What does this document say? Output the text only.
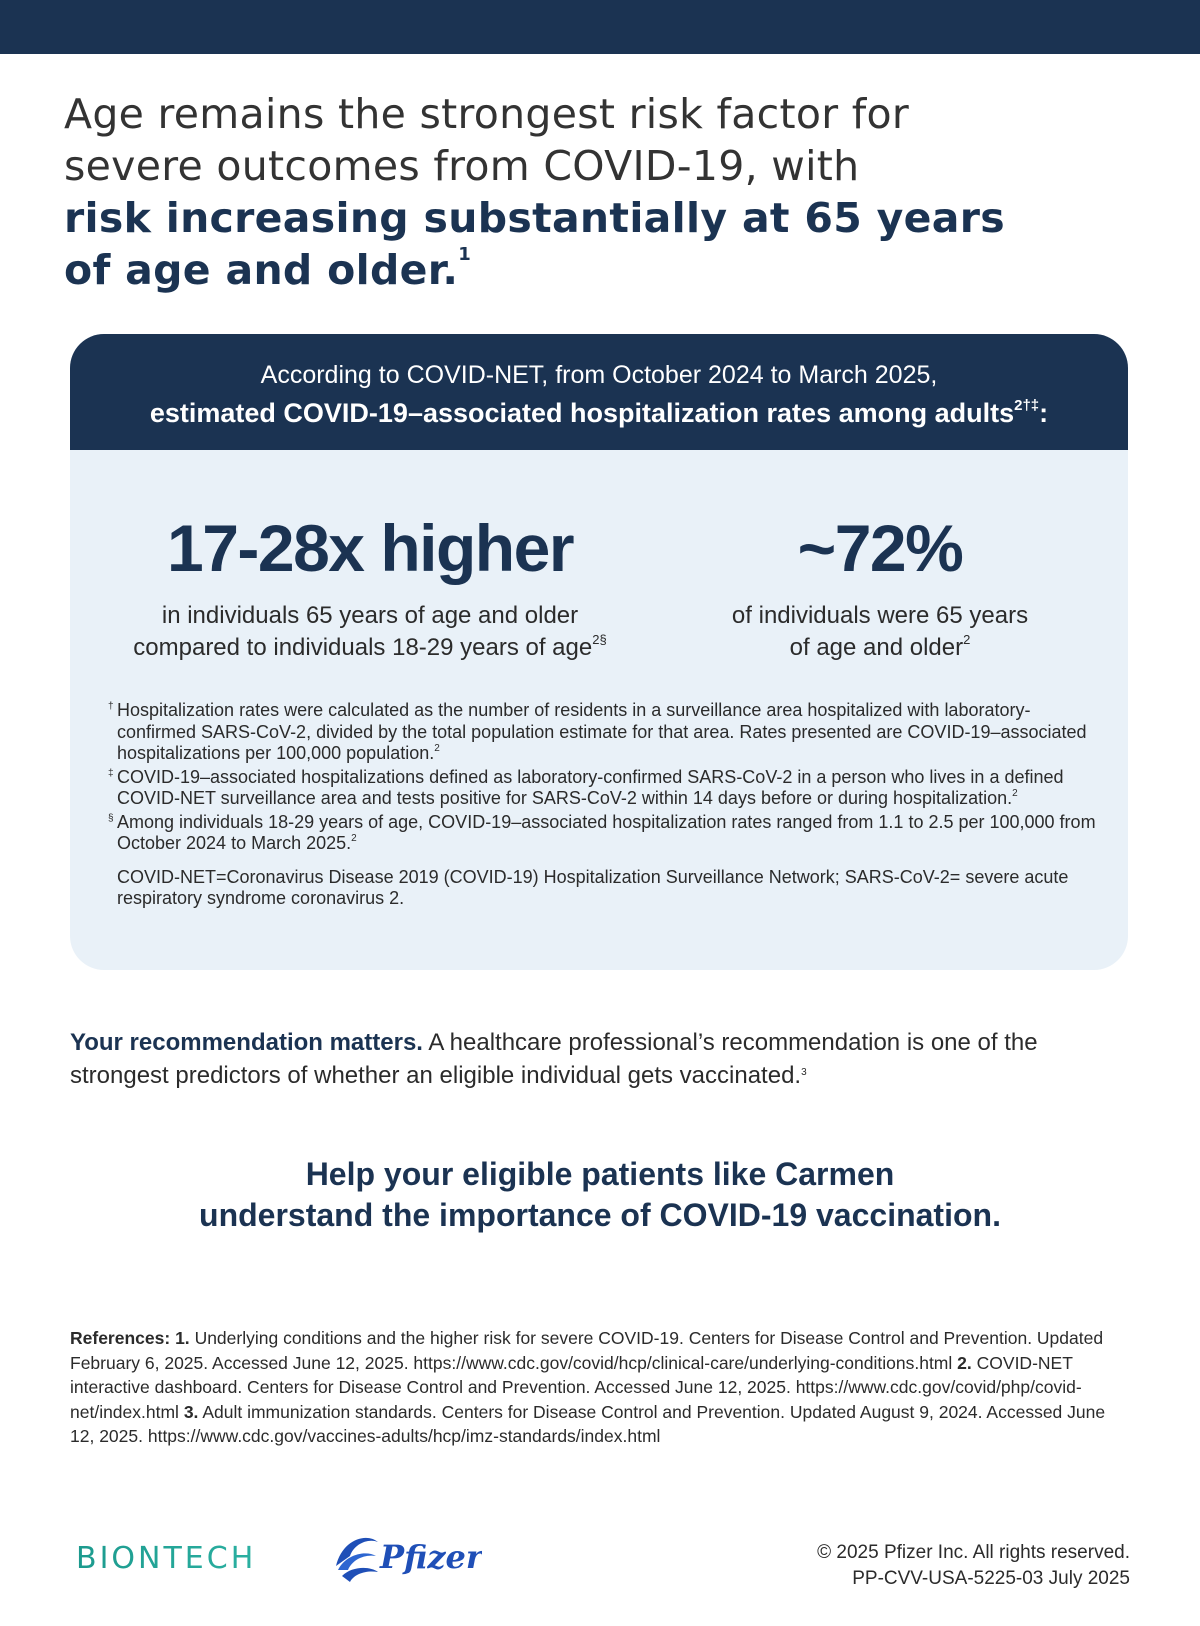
Age remains the strongest risk factor for
severe outcomes from COVID-19, with
risk increasing substantially at 65 years
of age and older.$^1$
According to COVID-NET, from October 2024 to March 2025,
estimated COVID-19–associated hospitalization rates among adults$^{2\dagger\ddagger}$:
17-28x higher
in individuals 65 years of age and older
compared to individuals 18-29 years of age$^{2\S}$
~72%
of individuals were 65 years
of age and older$^2$
† Hospitalization rates were calculated as the number of residents in a surveillance area hospitalized with laboratory-confirmed SARS-CoV-2, divided by the total population estimate for that area. Rates presented are COVID-19–associated hospitalizations per 100,000 population.$^2$
‡ COVID-19–associated hospitalizations defined as laboratory-confirmed SARS-CoV-2 in a person who lives in a defined COVID-NET surveillance area and tests positive for SARS-CoV-2 within 14 days before or during hospitalization.$^2$
§ Among individuals 18-29 years of age, COVID-19–associated hospitalization rates ranged from 1.1 to 2.5 per 100,000 from October 2024 to March 2025.$^2$
COVID-NET=Coronavirus Disease 2019 (COVID-19) Hospitalization Surveillance Network; SARS-CoV-2= severe acute respiratory syndrome coronavirus 2.

Your recommendation matters. A healthcare professional’s recommendation is one of the strongest predictors of whether an eligible individual gets vaccinated.$^3$

Help your eligible patients like Carmen
understand the importance of COVID-19 vaccination.
References: 1. Underlying conditions and the higher risk for severe COVID-19. Centers for Disease Control and Prevention. Updated February 6, 2025. Accessed June 12, 2025. https://www.cdc.gov/covid/hcp/clinical-care/underlying-conditions.html 2. COVID-NET interactive dashboard. Centers for Disease Control and Prevention. Accessed June 12, 2025. https://www.cdc.gov/covid/php/covid-net/index.html 3. Adult immunization standards. Centers for Disease Control and Prevention. Updated August 9, 2024. Accessed June 12, 2025. https://www.cdc.gov/vaccines-adults/hcp/imz-standards/index.html
BIONTECH	Pfizer	© 2025 Pfizer Inc. All rights reserved.
PP-CVV-USA-5225-03 July 2025
